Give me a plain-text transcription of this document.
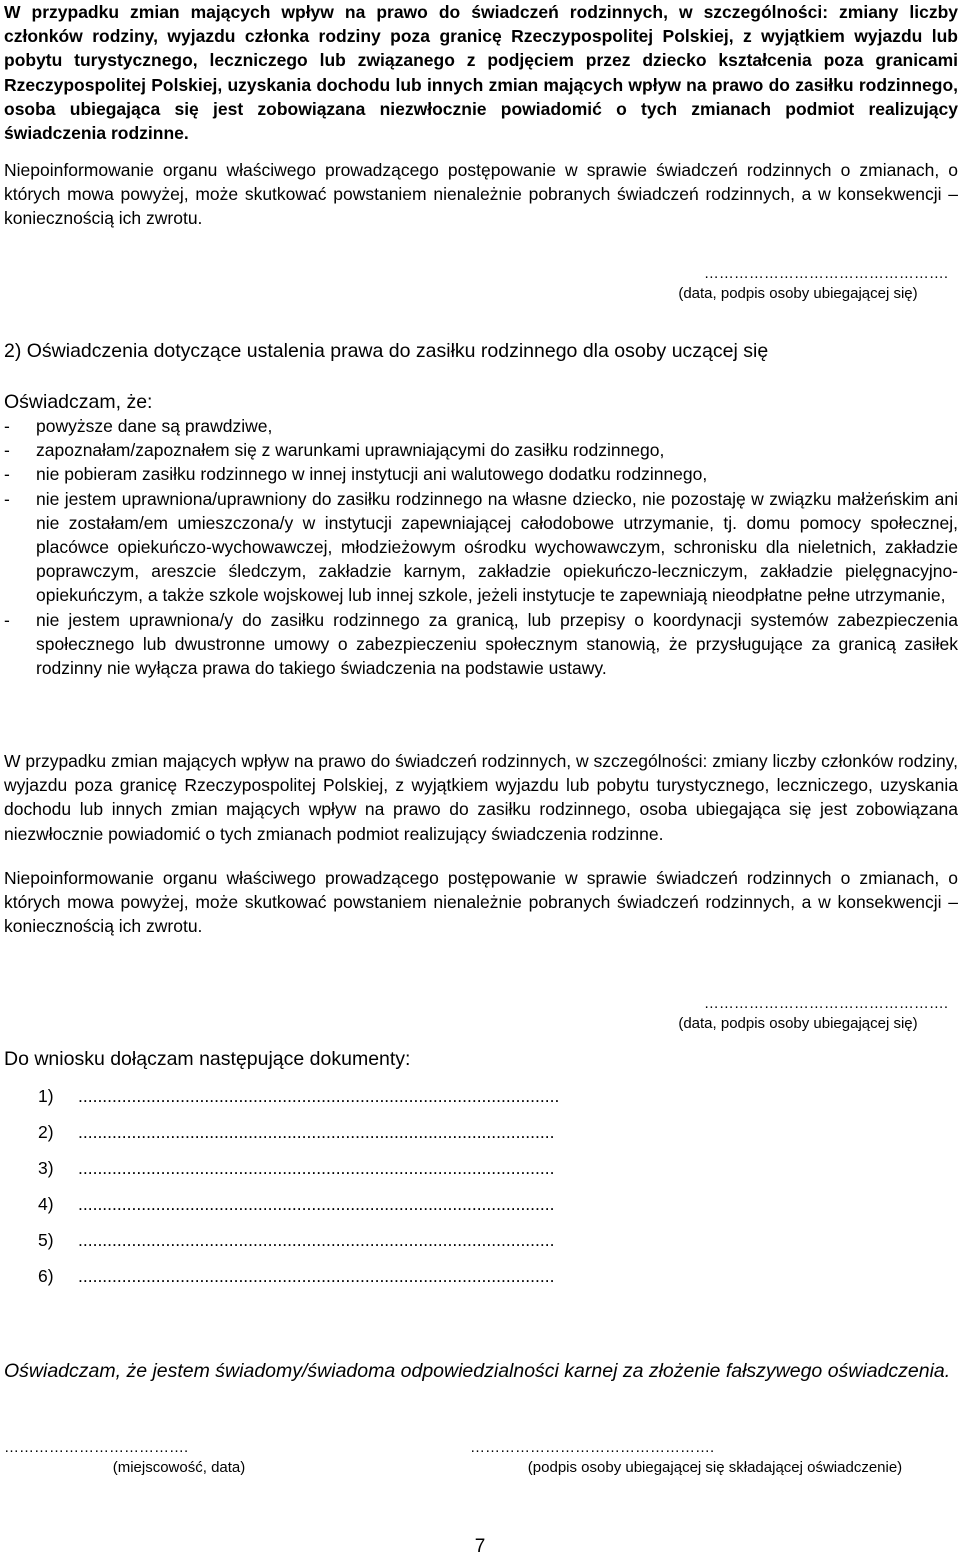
W przypadku zmian mających wpływ na prawo do świadczeń rodzinnych, w szczególności: zmiany liczby członków rodziny, wyjazdu członka rodziny poza granicę Rzeczypospolitej Polskiej, z wyjątkiem wyjazdu lub pobytu turystycznego, leczniczego lub związanego z podjęciem przez dziecko kształcenia poza granicami Rzeczypospolitej Polskiej, uzyskania dochodu lub innych zmian mających wpływ na prawo do zasiłku rodzinnego, osoba ubiegająca się jest zobowiązana niezwłocznie powiadomić o tych zmianach podmiot realizujący świadczenia rodzinne.

Niepoinformowanie organu właściwego prowadzącego postępowanie w sprawie świadczeń rodzinnych o zmianach, o których mowa powyżej, może skutkować powstaniem nienależnie pobranych świadczeń rodzinnych, a w konsekwencji – koniecznością ich zwrotu.

………………………………………….
(data, podpis osoby ubiegającej się)
2) Oświadczenia dotyczące ustalenia prawa do zasiłku rodzinnego dla osoby uczącej się
Oświadczam, że:
- powyższe dane są prawdziwe,
- zapoznałam/zapoznałem się z warunkami uprawniającymi do zasiłku rodzinnego,
- nie pobieram zasiłku rodzinnego w innej instytucji ani walutowego dodatku rodzinnego,
- nie jestem uprawniona/uprawniony do zasiłku rodzinnego na własne dziecko, nie pozostaję w związku małżeńskim ani nie zostałam/em umieszczona/y w instytucji zapewniającej całodobowe utrzymanie, tj. domu pomocy społecznej, placówce opiekuńczo-wychowawczej, młodzieżowym ośrodku wychowawczym, schronisku dla nieletnich, zakładzie poprawczym, areszcie śledczym, zakładzie karnym, zakładzie opiekuńczo-leczniczym, zakładzie pielęgnacyjno-opiekuńczym, a także szkole wojskowej lub innej szkole, jeżeli instytucje te zapewniają nieodpłatne pełne utrzymanie,
- nie jestem uprawniona/y do zasiłku rodzinnego za granicą, lub przepisy o koordynacji systemów zabezpieczenia społecznego lub dwustronne umowy o zabezpieczeniu społecznym stanowią, że przysługujące za granicą zasiłek rodzinny nie wyłącza prawa do takiego świadczenia na podstawie ustawy.

W przypadku zmian mających wpływ na prawo do świadczeń rodzinnych, w szczególności: zmiany liczby członków rodziny, wyjazdu poza granicę Rzeczypospolitej Polskiej, z wyjątkiem wyjazdu lub pobytu turystycznego, leczniczego, uzyskania dochodu lub innych zmian mających wpływ na prawo do zasiłku rodzinnego, osoba ubiegająca się jest zobowiązana niezwłocznie powiadomić o tych zmianach podmiot realizujący świadczenia rodzinne.

Niepoinformowanie organu właściwego prowadzącego postępowanie w sprawie świadczeń rodzinnych o zmianach, o których mowa powyżej, może skutkować powstaniem nienależnie pobranych świadczeń rodzinnych, a w konsekwencji – koniecznością ich zwrotu.

………………………………………….
(data, podpis osoby ubiegającej się)
Do wniosku dołączam następujące dokumenty:
1) ...................................................................................................
2) ..................................................................................................
3) ..................................................................................................
4) ..................................................................................................
5) ..................................................................................................
6) ..................................................................................................

Oświadczam, że jestem świadomy/świadoma odpowiedzialności karnej za złożenie fałszywego oświadczenia.

……………………………….
(miejscowość, data)
………………………………………….
(podpis osoby ubiegającej się składającej oświadczenie)
7
